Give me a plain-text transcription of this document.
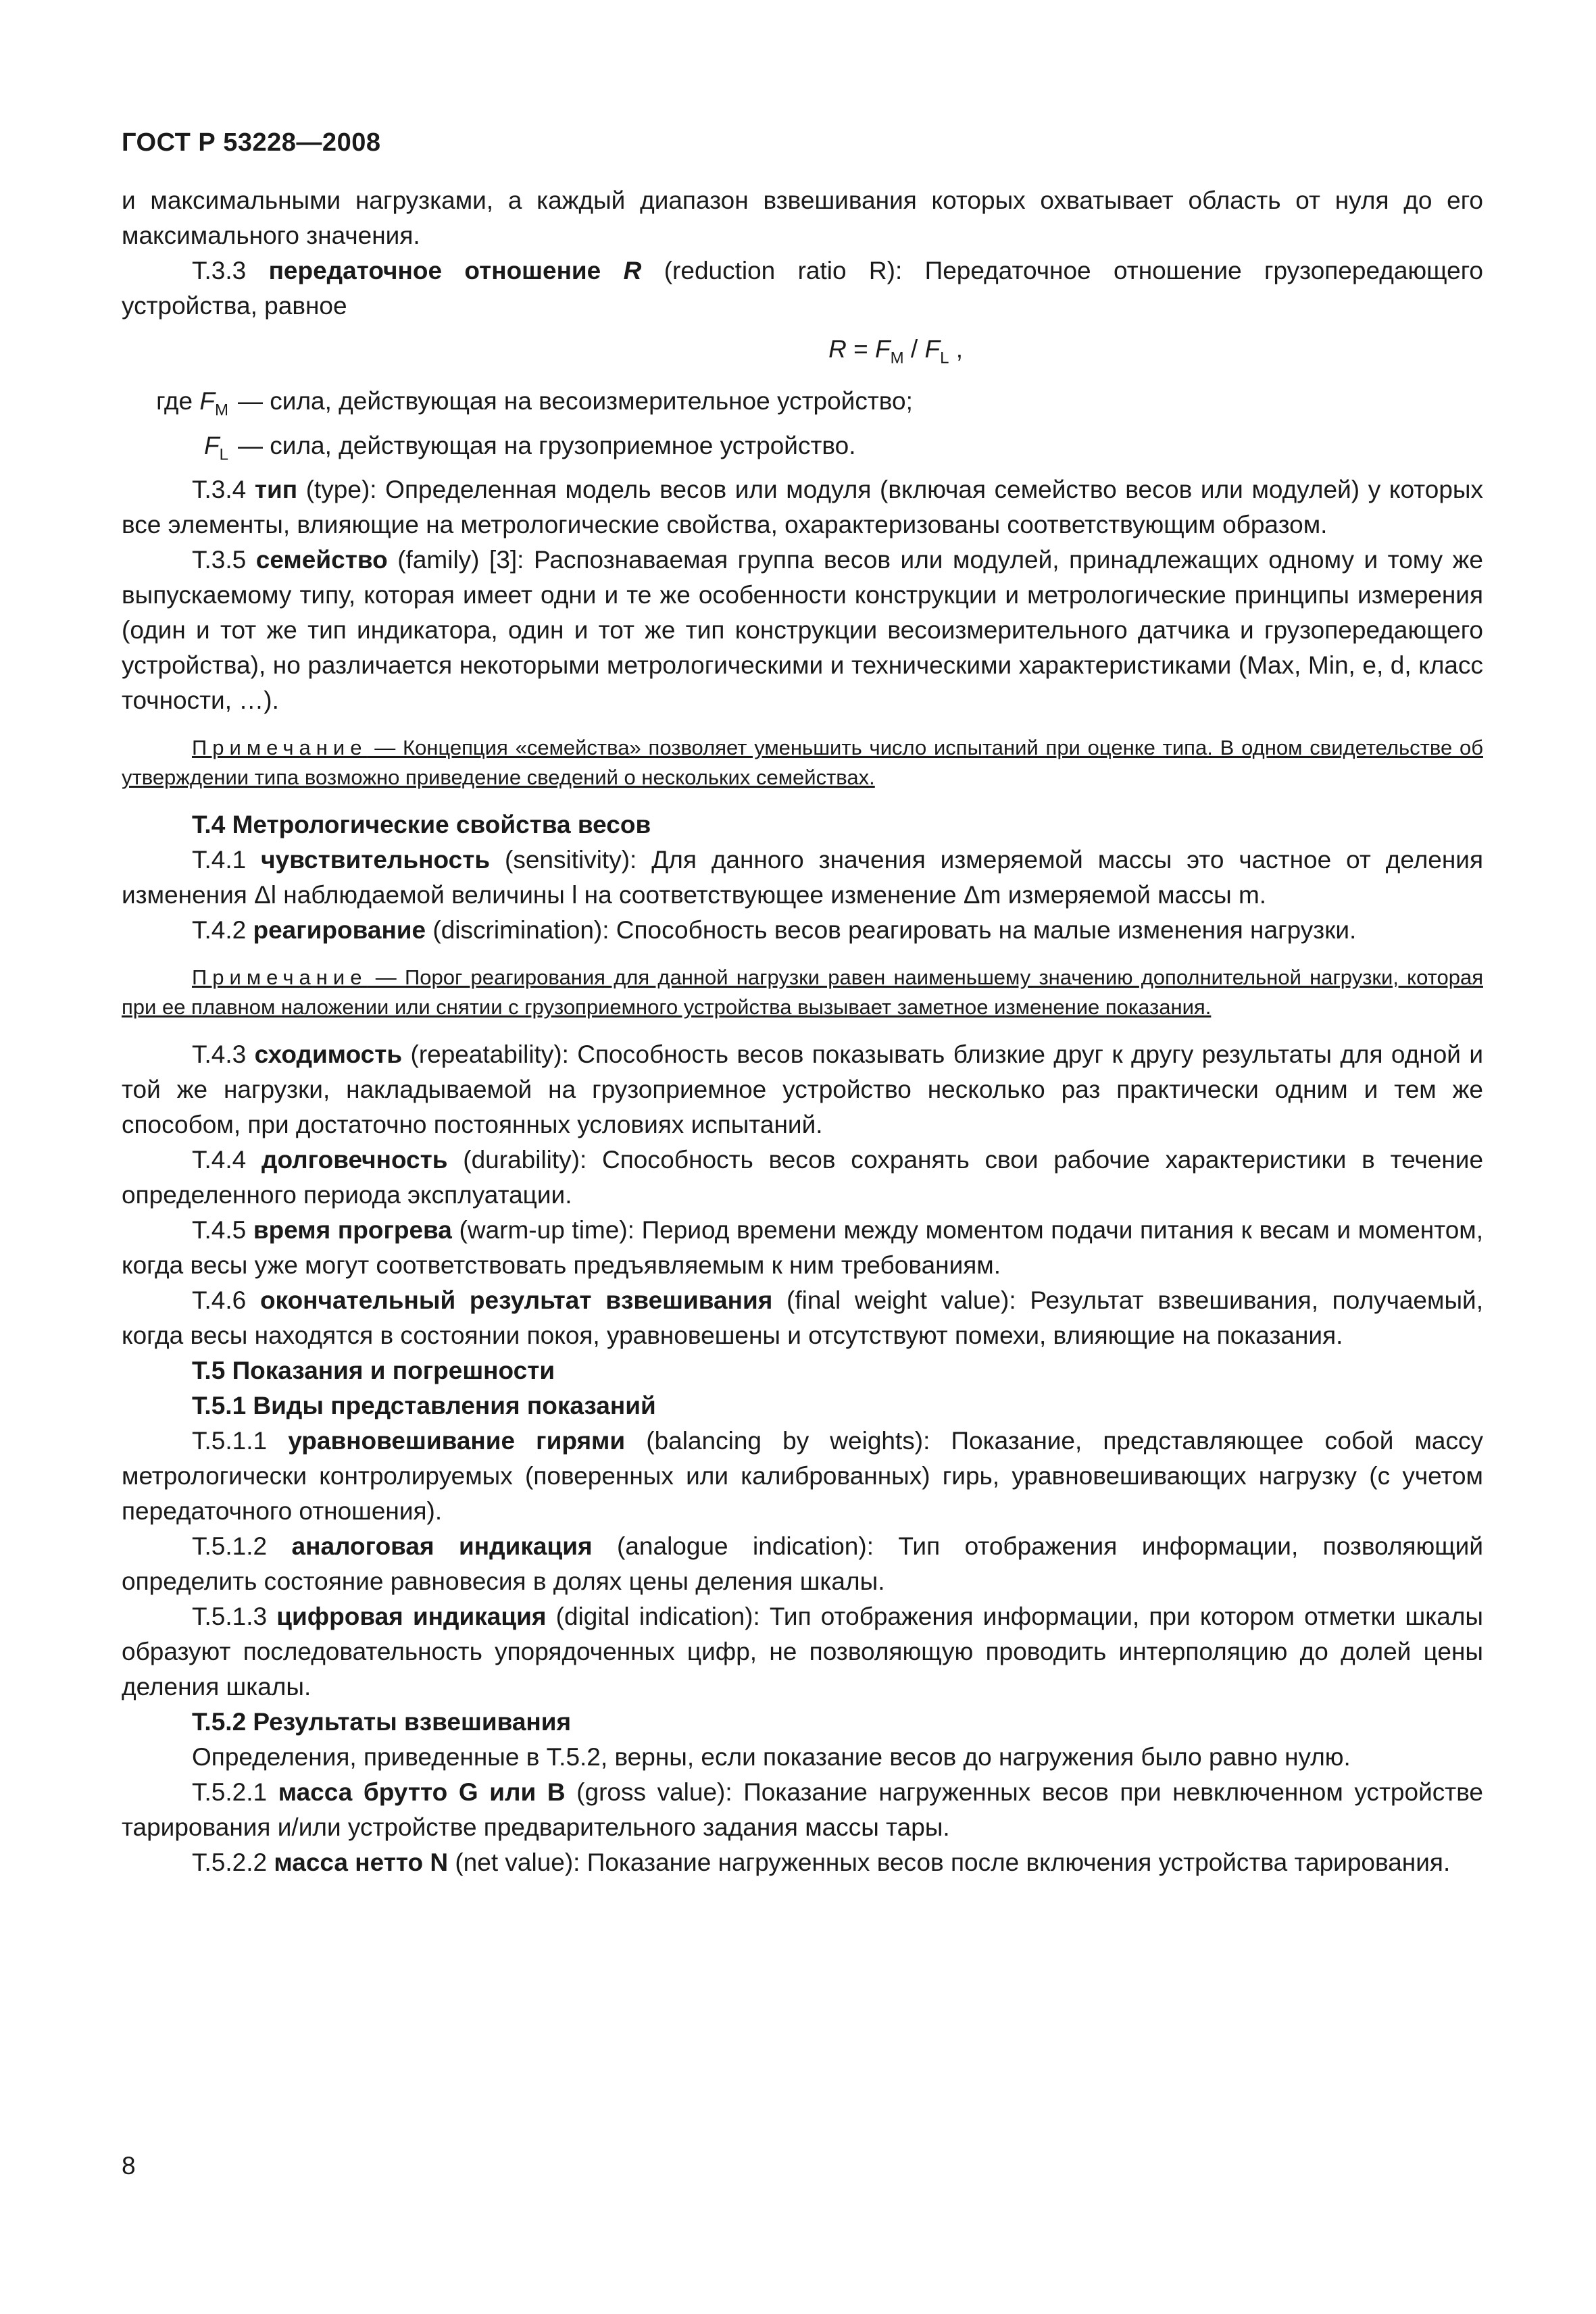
ГОСТ Р 53228—2008

и максимальными нагрузками, а каждый диапазон взвешивания которых охватывает область от нуля до его максимального значения.

Т.3.3 передаточное отношение R (reduction ratio R): Передаточное отношение грузопередающего устройства, равное

$R = F_M / F_L$ ,
где $F_M$ — сила, действующая на весоизмерительное устройство;
$F_L$ — сила, действующая на грузоприемное устройство.

Т.3.4 тип (type): Определенная модель весов или модуля (включая семейство весов или модулей) у которых все элементы, влияющие на метрологические свойства, охарактеризованы соответствующим образом.

Т.3.5 семейство (family) [3]: Распознаваемая группа весов или модулей, принадлежащих одному и тому же выпускаемому типу, которая имеет одни и те же особенности конструкции и метрологические принципы измерения (один и тот же тип индикатора, один и тот же тип конструкции весоизмерительного датчика и грузопередающего устройства), но различается некоторыми метрологическими и техническими характеристиками (Max, Min, e, d, класс точности, …).

Примечание — Концепция «семейства» позволяет уменьшить число испытаний при оценке типа. В одном свидетельстве об утверждении типа возможно приведение сведений о нескольких семействах.
Т.4 Метрологические свойства весов

Т.4.1 чувствительность (sensitivity): Для данного значения измеряемой массы это частное от деления изменения Δl наблюдаемой величины l на соответствующее изменение Δm измеряемой массы m.

Т.4.2 реагирование (discrimination): Способность весов реагировать на малые изменения нагрузки.

Примечание — Порог реагирования для данной нагрузки равен наименьшему значению дополнительной нагрузки, которая при ее плавном наложении или снятии с грузоприемного устройства вызывает заметное изменение показания.

Т.4.3 сходимость (repeatability): Способность весов показывать близкие друг к другу результаты для одной и той же нагрузки, накладываемой на грузоприемное устройство несколько раз практически одним и тем же способом, при достаточно постоянных условиях испытаний.

Т.4.4 долговечность (durability): Способность весов сохранять свои рабочие характеристики в течение определенного периода эксплуатации.

Т.4.5 время прогрева (warm-up time): Период времени между моментом подачи питания к весам и моментом, когда весы уже могут соответствовать предъявляемым к ним требованиям.

Т.4.6 окончательный результат взвешивания (final weight value): Результат взвешивания, получаемый, когда весы находятся в состоянии покоя, уравновешены и отсутствуют помехи, влияющие на показания.

Т.5 Показания и погрешности
Т.5.1 Виды представления показаний

Т.5.1.1 уравновешивание гирями (balancing by weights): Показание, представляющее собой массу метрологически контролируемых (поверенных или калиброванных) гирь, уравновешивающих нагрузку (с учетом передаточного отношения).

Т.5.1.2 аналоговая индикация (analogue indication): Тип отображения информации, позволяющий определить состояние равновесия в долях цены деления шкалы.

Т.5.1.3 цифровая индикация (digital indication): Тип отображения информации, при котором отметки шкалы образуют последовательность упорядоченных цифр, не позволяющую проводить интерполяцию до долей цены деления шкалы.

Т.5.2 Результаты взвешивания

Определения, приведенные в Т.5.2, верны, если показание весов до нагружения было равно нулю.

Т.5.2.1 масса брутто G или B (gross value): Показание нагруженных весов при невключенном устройстве тарирования и/или устройстве предварительного задания массы тары.

Т.5.2.2 масса нетто N (net value): Показание нагруженных весов после включения устройства тарирования.

8
